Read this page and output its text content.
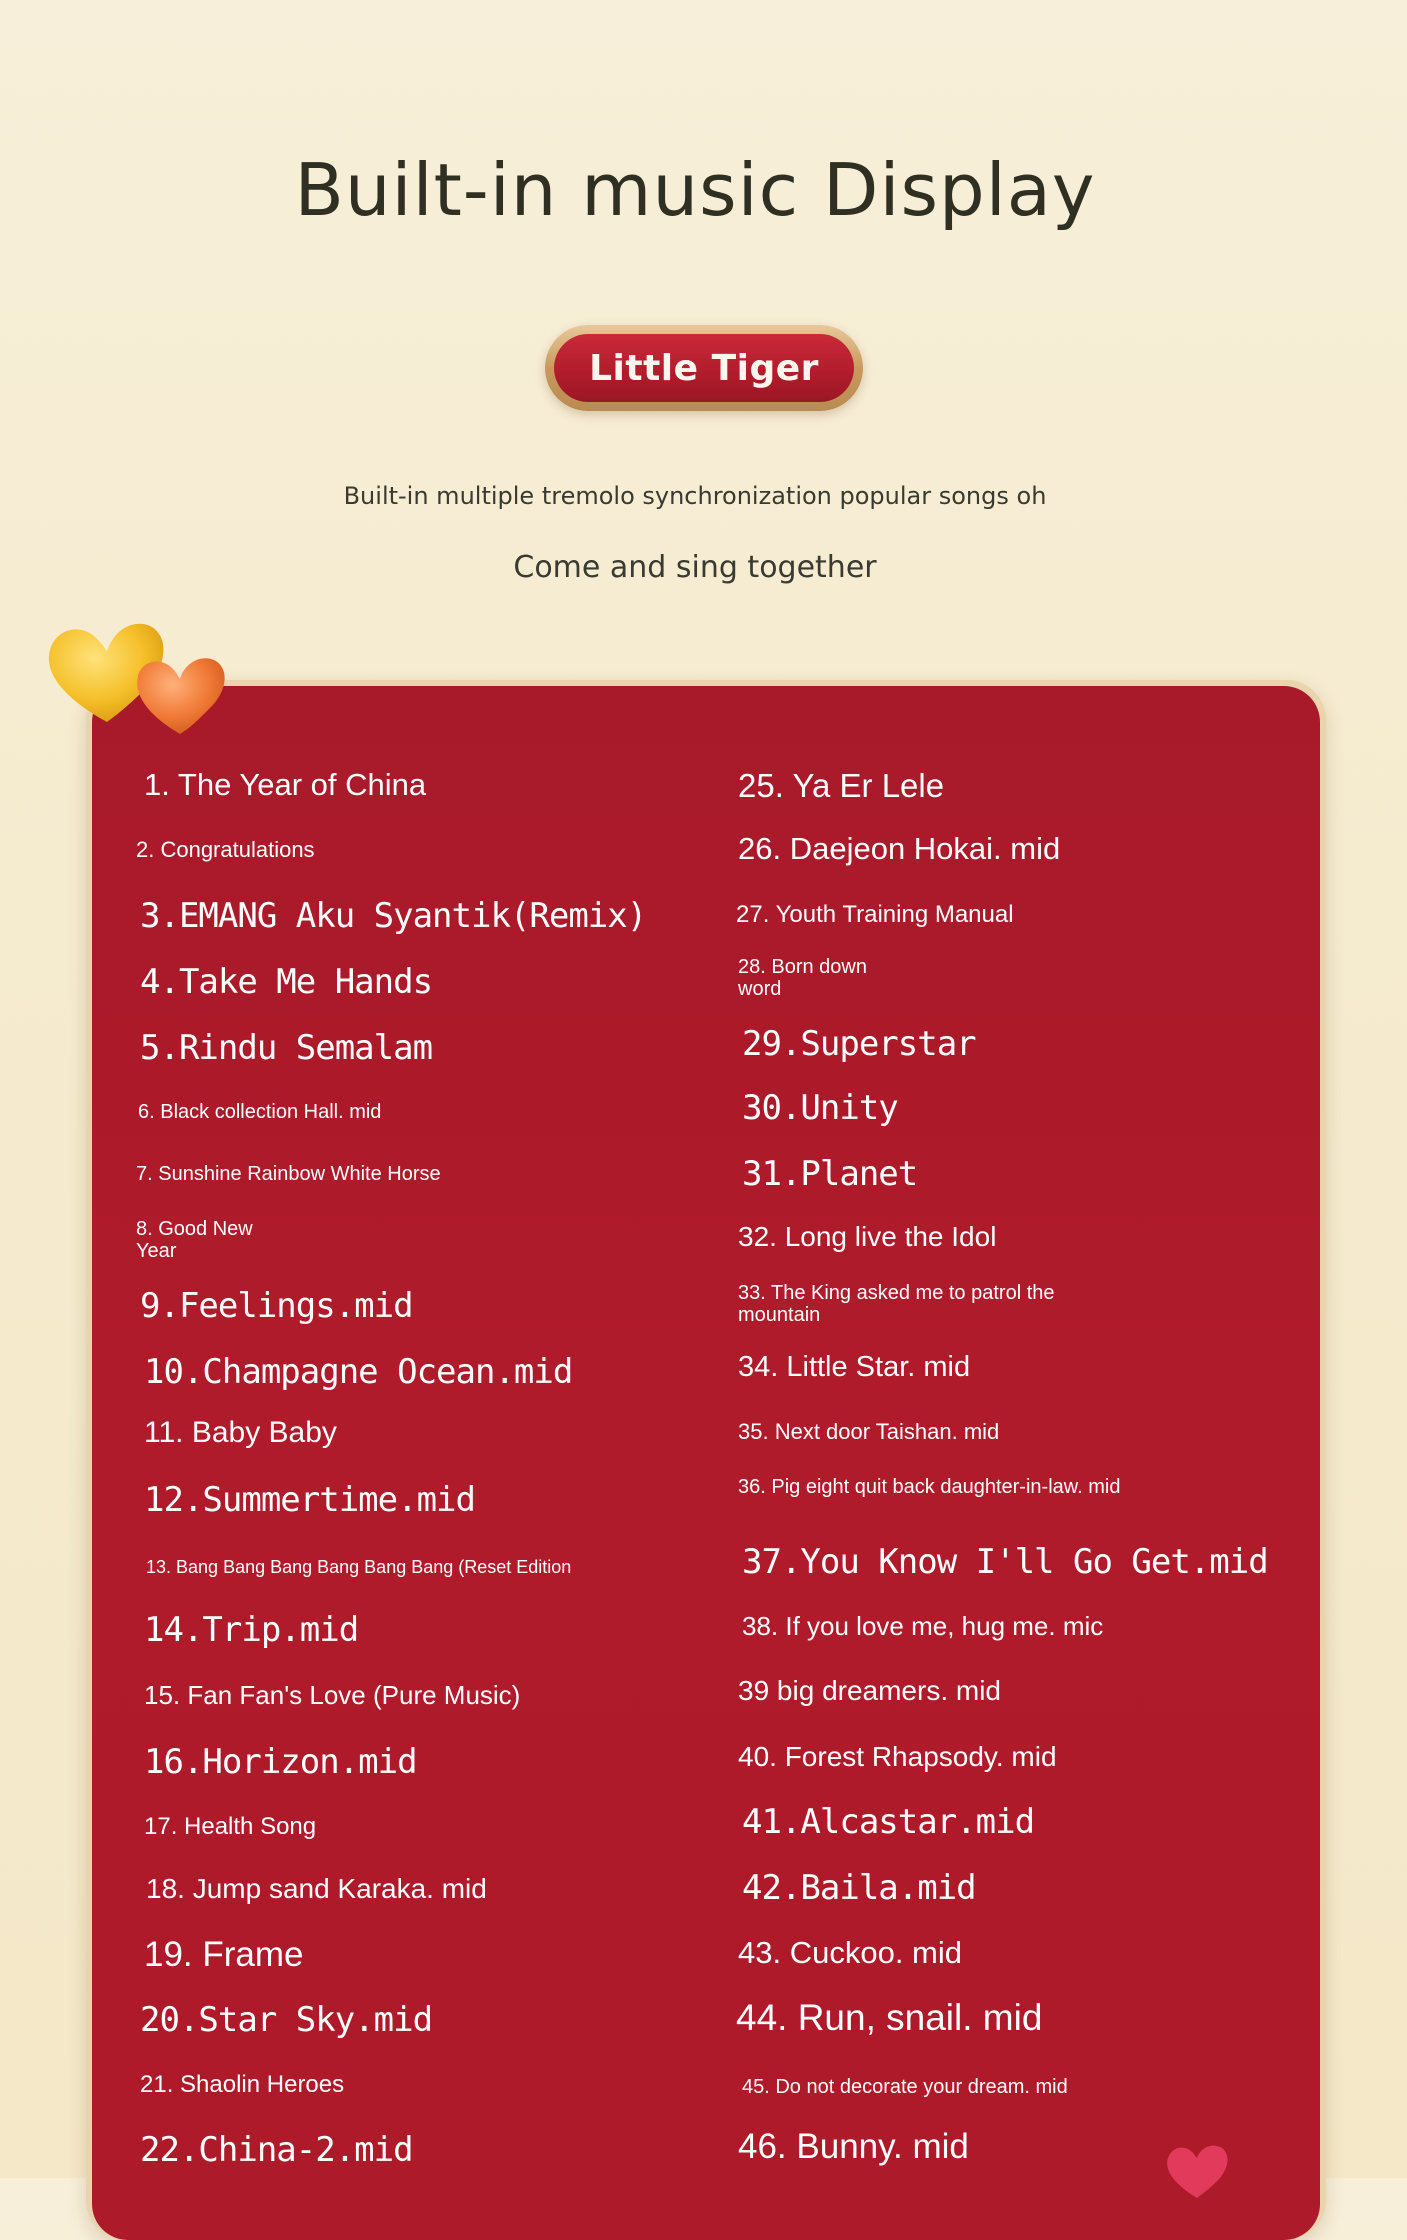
Built-in music Display
Little Tiger
Built-in multiple tremolo synchronization popular songs oh
Come and sing together
1. The Year of China
2. Congratulations
3.EMANG Aku Syantik(Remix)
4.Take Me Hands
5.Rindu Semalam
6. Black collection Hall. mid
7. Sunshine Rainbow White Horse
8. Good New Year
9.Feelings.mid
10.Champagne Ocean.mid
11. Baby Baby
12.Summertime.mid
13. Bang Bang Bang Bang Bang Bang (Reset Edition
14.Trip.mid
15. Fan Fan's Love (Pure Music)
16.Horizon.mid
17. Health Song
18. Jump sand Karaka. mid
19. Frame
20.Star Sky.mid
21. Shaolin Heroes
22.China-2.mid
25. Ya Er Lele
26. Daejeon Hokai. mid
27. Youth Training Manual
28. Born down word
29.Superstar
30.Unity
31.Planet
32. Long live the Idol
33. The King asked me to patrol the mountain
34. Little Star. mid
35. Next door Taishan. mid
36. Pig eight quit back daughter-in-law. mid
37.You Know I'll Go Get.mid
38. If you love me, hug me. mic
39 big dreamers. mid
40. Forest Rhapsody. mid
41.Alcastar.mid
42.Baila.mid
43. Cuckoo. mid
44. Run, snail. mid
45. Do not decorate your dream. mid
46. Bunny. mid
